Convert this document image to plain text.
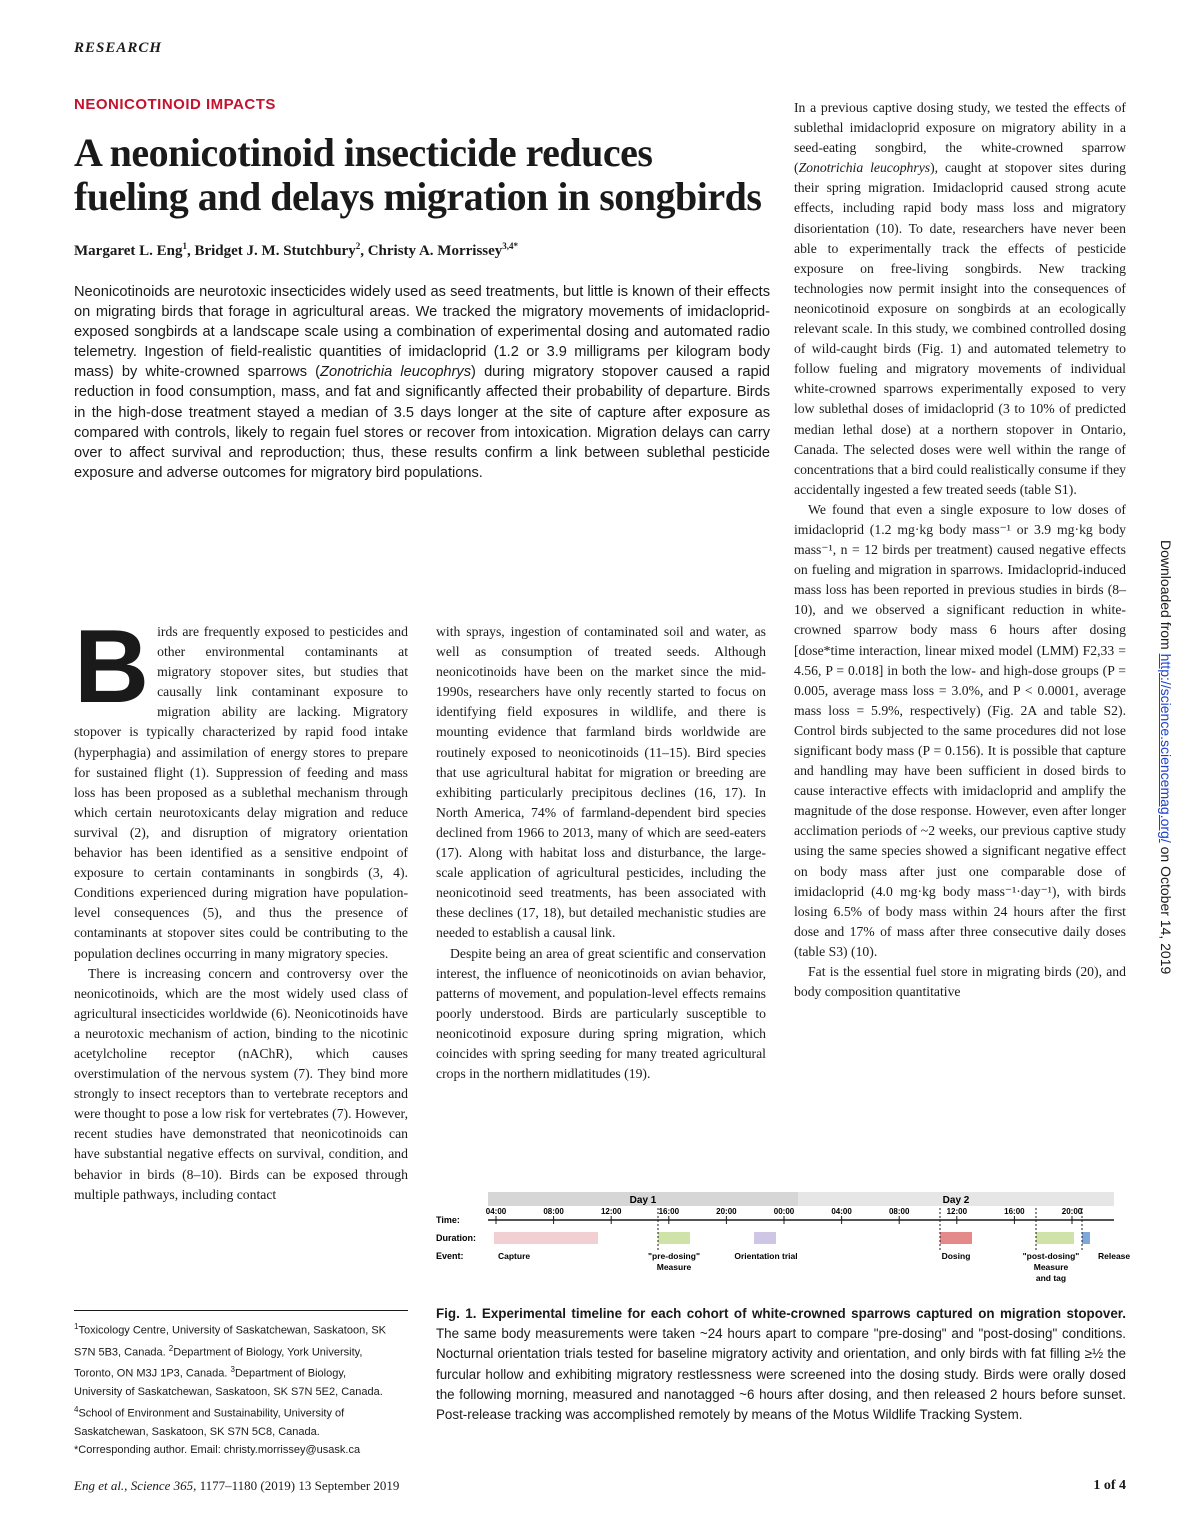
RESEARCH
NEONICOTINOID IMPACTS
A neonicotinoid insecticide reduces fueling and delays migration in songbirds
Margaret L. Eng$^1$, Bridget J. M. Stutchbury$^2$, Christy A. Morrissey$^{3,4*}$

Neonicotinoids are neurotoxic insecticides widely used as seed treatments, but little is known of their effects on migrating birds that forage in agricultural areas. We tracked the migratory movements of imidacloprid-exposed songbirds at a landscape scale using a combination of experimental dosing and automated radio telemetry. Ingestion of field-realistic quantities of imidacloprid (1.2 or 3.9 milligrams per kilogram body mass) by white-crowned sparrows (Zonotrichia leucophrys) during migratory stopover caused a rapid reduction in food consumption, mass, and fat and significantly affected their probability of departure. Birds in the high-dose treatment stayed a median of 3.5 days longer at the site of capture after exposure as compared with controls, likely to regain fuel stores or recover from intoxication. Migration delays can carry over to affect survival and reproduction; thus, these results confirm a link between sublethal pesticide exposure and adverse outcomes for migratory bird populations.

Birds are frequently exposed to pesticides and other environmental contaminants at migratory stopover sites, but studies that causally link contaminant exposure to migration ability are lacking. Migratory stopover is typically characterized by rapid food intake (hyperphagia) and assimilation of energy stores to prepare for sustained flight (1). Suppression of feeding and mass loss has been proposed as a sublethal mechanism through which certain neurotoxicants delay migration and reduce survival (2), and disruption of migratory orientation behavior has been identified as a sensitive endpoint of exposure to certain contaminants in songbirds (3, 4). Conditions experienced during migration have population-level consequences (5), and thus the presence of contaminants at stopover sites could be contributing to the population declines occurring in many migratory species.

There is increasing concern and controversy over the neonicotinoids, which are the most widely used class of agricultural insecticides worldwide (6). Neonicotinoids have a neurotoxic mechanism of action, binding to the nicotinic acetylcholine receptor (nAChR), which causes overstimulation of the nervous system (7). They bind more strongly to insect receptors than to vertebrate receptors and were thought to pose a low risk for vertebrates (7). However, recent studies have demonstrated that neonicotinoids can have substantial negative effects on survival, condition, and behavior in birds (8–10). Birds can be exposed through multiple pathways, including contact

with sprays, ingestion of contaminated soil and water, as well as consumption of treated seeds. Although neonicotinoids have been on the market since the mid-1990s, researchers have only recently started to focus on identifying field exposures in wildlife, and there is mounting evidence that farmland birds worldwide are routinely exposed to neonicotinoids (11–15). Bird species that use agricultural habitat for migration or breeding are exhibiting particularly precipitous declines (16, 17). In North America, 74% of farmland-dependent bird species declined from 1966 to 2013, many of which are seed-eaters (17). Along with habitat loss and disturbance, the large-scale application of agricultural pesticides, including the neonicotinoid seed treatments, has been associated with these declines (17, 18), but detailed mechanistic studies are needed to establish a causal link.

Despite being an area of great scientific and conservation interest, the influence of neonicotinoids on avian behavior, patterns of movement, and population-level effects remains poorly understood. Birds are particularly susceptible to neonicotinoid exposure during spring migration, which coincides with spring seeding for many treated agricultural crops in the northern midlatitudes (19).

In a previous captive dosing study, we tested the effects of sublethal imidacloprid exposure on migratory ability in a seed-eating songbird, the white-crowned sparrow (Zonotrichia leucophrys), caught at stopover sites during their spring migration. Imidacloprid caused strong acute effects, including rapid body mass loss and migratory disorientation (10). To date, researchers have never been able to experimentally track the effects of pesticide exposure on free-living songbirds. New tracking technologies now permit insight into the consequences of neonicotinoid exposure on songbirds at an ecologically relevant scale. In this study, we combined controlled dosing of wild-caught birds (Fig. 1) and automated telemetry to follow fueling and migratory movements of individual white-crowned sparrows experimentally exposed to very low sublethal doses of imidacloprid (3 to 10% of predicted median lethal dose) at a northern stopover in Ontario, Canada. The selected doses were well within the range of concentrations that a bird could realistically consume if they accidentally ingested a few treated seeds (table S1).

We found that even a single exposure to low doses of imidacloprid (1.2 mg·kg body mass⁻¹ or 3.9 mg·kg body mass⁻¹, n = 12 birds per treatment) caused negative effects on fueling and migration in sparrows. Imidacloprid-induced mass loss has been reported in previous studies in birds (8–10), and we observed a significant reduction in white-crowned sparrow body mass 6 hours after dosing [dose*time interaction, linear mixed model (LMM) F2,33 = 4.56, P = 0.018] in both the low- and high-dose groups (P = 0.005, average mass loss = 3.0%, and P < 0.0001, average mass loss = 5.9%, respectively) (Fig. 2A and table S2). Control birds subjected to the same procedures did not lose significant body mass (P = 0.156). It is possible that capture and handling may have been sufficient in dosed birds to cause interactive effects with imidacloprid and amplify the magnitude of the dose response. However, even after longer acclimation periods of ~2 weeks, our previous captive study using the same species showed a significant negative effect on body mass after just one comparable dose of imidacloprid (4.0 mg·kg body mass⁻¹·day⁻¹), with birds losing 6.5% of body mass within 24 hours after the first dose and 17% of mass after three consecutive daily doses (table S3) (10).

Fat is the essential fuel store in migrating birds (20), and body composition quantitative

$^1$Toxicology Centre, University of Saskatchewan, Saskatoon, SK S7N 5B3, Canada. $^2$Department of Biology, York University, Toronto, ON M3J 1P3, Canada. $^3$Department of Biology, University of Saskatchewan, Saskatoon, SK S7N 5E2, Canada. $^4$School of Environment and Sustainability, University of Saskatchewan, Saskatoon, SK S7N 5C8, Canada.
*Corresponding author. Email: christy.morrissey@usask.ca
Day 1	Day 2
Time:
Duration:
Event:
04:00	08:00	12:00	16:00	20:00	00:00	04:00	08:00	12:00	16:00	20:00
Capture	"pre-dosing"
Measure
Orientation trial	Dosing	"post-dosing"
Measure
and tag
Release

Fig. 1. Experimental timeline for each cohort of white-crowned sparrows captured on migration stopover. The same body measurements were taken ~24 hours apart to compare "pre-dosing" and "post-dosing" conditions. Nocturnal orientation trials tested for baseline migratory activity and orientation, and only birds with fat filling ≥½ the furcular hollow and exhibiting migratory restlessness were screened into the dosing study. Birds were orally dosed the following morning, measured and nanotagged ~6 hours after dosing, and then released 2 hours before sunset. Post-release tracking was accomplished remotely by means of the Motus Wildlife Tracking System.

Eng et al., Science 365, 1177–1180 (2019) 13 September 2019	1 of 4
Downloaded from http://science.sciencemag.org/ on October 14, 2019
